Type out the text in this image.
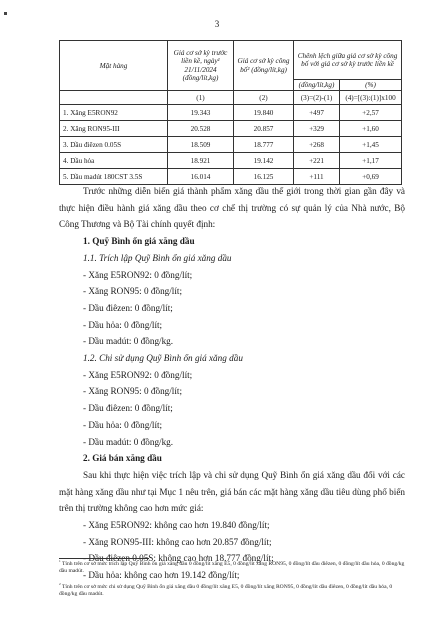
3
Mặt hàng	Giá cơ sở kỳ trước liền kề, ngày¹ 21/11/2024 (đồng/lít,kg)	Giá cơ sở kỳ công bố² (đồng/lít,kg)	Chênh lệch giữa giá cơ sở kỳ công bố với giá cơ sở kỳ trước liền kề	
			(đồng/lít,kg)	(%)
	(1)	(2)	(3)=(2)-(1)	(4)=[(3):(1)]x100
1. Xăng E5RON92	19.343	19.840	+497	+2,57
2. Xăng RON95-III	20.528	20.857	+329	+1,60
3. Dầu điêzen 0.05S	18.509	18.777	+268	+1,45
4. Dầu hỏa	18.921	19.142	+221	+1,17
5. Dầu madút 180CST 3.5S	16.014	16.125	+111	+0,69

Trước những diễn biến giá thành phẩm xăng dầu thế giới trong thời gian gần đây và thực hiện điều hành giá xăng dầu theo cơ chế thị trường có sự quản lý của Nhà nước, Bộ Công Thương và Bộ Tài chính quyết định:

1. Quỹ Bình ổn giá xăng dầu

1.1. Trích lập Quỹ Bình ổn giá xăng dầu

- Xăng E5RON92: 0 đồng/lít;

- Xăng RON95: 0 đồng/lít;

- Dầu điêzen: 0 đồng/lít;

- Dầu hỏa: 0 đồng/lít;

- Dầu madút: 0 đồng/kg.

1.2. Chi sử dụng Quỹ Bình ổn giá xăng dầu

- Xăng E5RON92: 0 đồng/lít;

- Xăng RON95: 0 đồng/lít;

- Dầu điêzen: 0 đồng/lít;

- Dầu hỏa: 0 đồng/lít;

- Dầu madút: 0 đồng/kg.

2. Giá bán xăng dầu

Sau khi thực hiện việc trích lập và chi sử dụng Quỹ Bình ổn giá xăng dầu đối với các mặt hàng xăng dầu như tại Mục 1 nêu trên, giá bán các mặt hàng xăng dầu tiêu dùng phổ biến trên thị trường không cao hơn mức giá:

- Xăng E5RON92: không cao hơn 19.840 đồng/lít;

- Xăng RON95-III: không cao hơn 20.857 đồng/lít;

- Dầu điêzen 0.05S: không cao hơn 18.777 đồng/lít;

- Dầu hỏa: không cao hơn 19.142 đồng/lít;

$^1$ Tính trên cơ sở mức trích lập Quỹ Bình ổn giá xăng dầu 0 đồng/lít xăng E5, 0 đồng/lít xăng RON95, 0 đồng/lít dầu điêzen, 0 đồng/lít dầu hỏa, 0 đồng/kg dầu madút.
$^2$ Tính trên cơ sở mức chi sử dụng Quỹ Bình ổn giá xăng dầu 0 đồng/lít xăng E5, 0 đồng/lít xăng RON95, 0 đồng/lít dầu điêzen, 0 đồng/lít dầu hỏa, 0 đồng/kg dầu madút.
